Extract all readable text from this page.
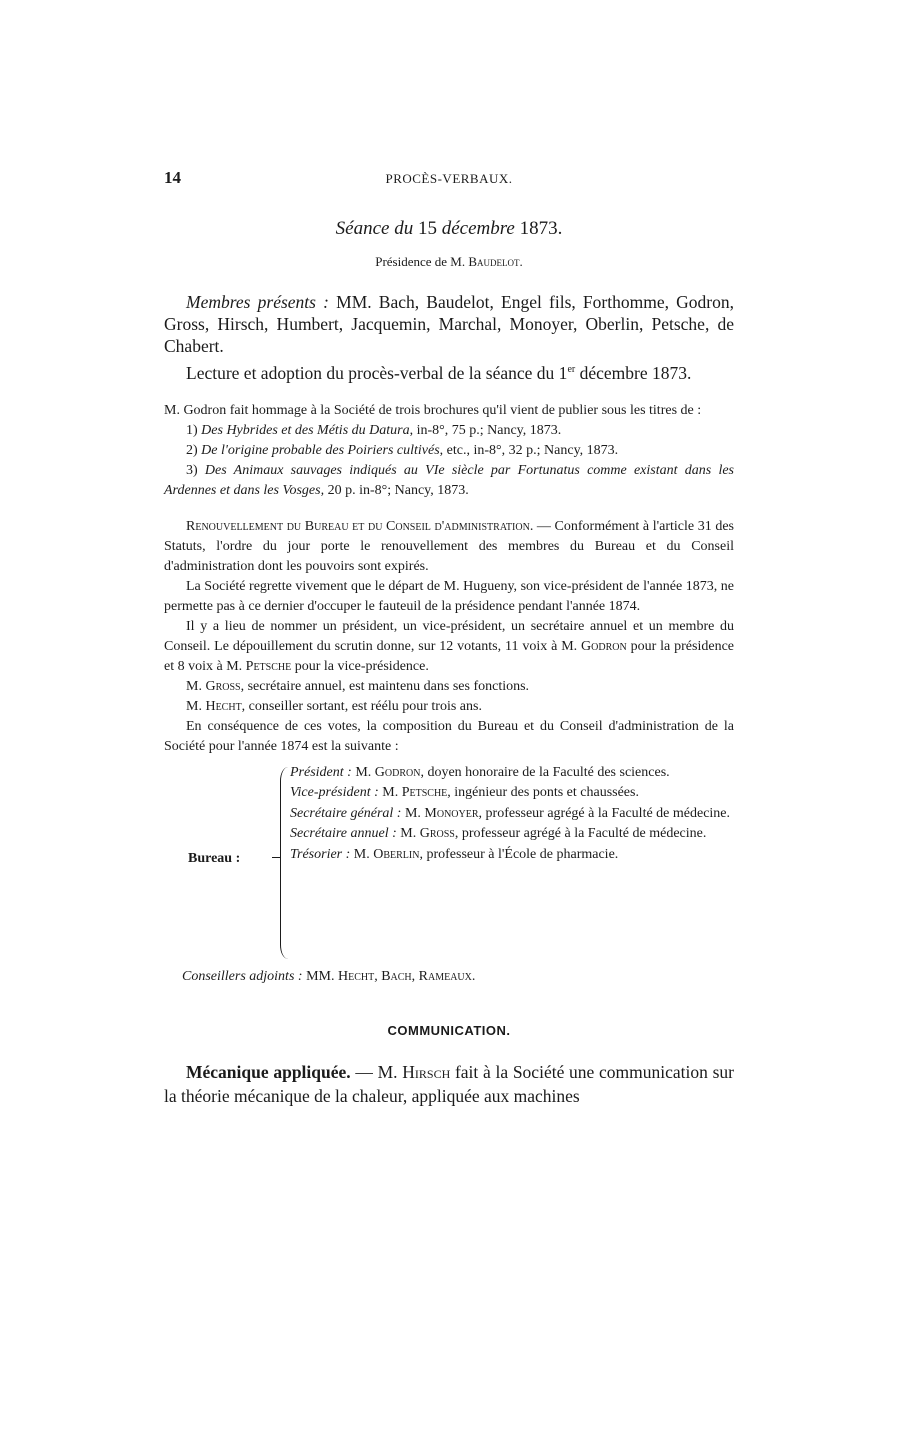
14	PROCÈS-VERBAUX.
Séance du 15 décembre 1873.
Présidence de M. Baudelot.

Membres présents : MM. Bach, Baudelot, Engel fils, Forthomme, Godron, Gross, Hirsch, Humbert, Jacquemin, Marchal, Monoyer, Oberlin, Petsche, de Chabert.

Lecture et adoption du procès-verbal de la séance du 1er décembre 1873.

M. Godron fait hommage à la Société de trois brochures qu'il vient de publier sous les titres de :

1) Des Hybrides et des Métis du Datura, in-8°, 75 p.; Nancy, 1873.

2) De l'origine probable des Poiriers cultivés, etc., in-8°, 32 p.; Nancy, 1873.

3) Des Animaux sauvages indiqués au VIe siècle par Fortunatus comme existant dans les Ardennes et dans les Vosges, 20 p. in-8°; Nancy, 1873.

Renouvellement du Bureau et du Conseil d'administration. — Conformément à l'article 31 des Statuts, l'ordre du jour porte le renouvellement des membres du Bureau et du Conseil d'administration dont les pouvoirs sont expirés.

La Société regrette vivement que le départ de M. Hugueny, son vice-président de l'année 1873, ne permette pas à ce dernier d'occuper le fauteuil de la présidence pendant l'année 1874.

Il y a lieu de nommer un président, un vice-président, un secrétaire annuel et un membre du Conseil. Le dépouillement du scrutin donne, sur 12 votants, 11 voix à M. Godron pour la présidence et 8 voix à M. Petsche pour la vice-présidence.

M. Gross, secrétaire annuel, est maintenu dans ses fonctions.

M. Hecht, conseiller sortant, est réélu pour trois ans.

En conséquence de ces votes, la composition du Bureau et du Conseil d'administration de la Société pour l'année 1874 est la suivante :

Bureau :
Président : M. Godron, doyen honoraire de la Faculté des sciences.
Vice-président : M. Petsche, ingénieur des ponts et chaussées.
Secrétaire général : M. Monoyer, professeur agrégé à la Faculté de médecine.
Secrétaire annuel : M. Gross, professeur agrégé à la Faculté de médecine.
Trésorier : M. Oberlin, professeur à l'École de pharmacie.
Conseillers adjoints : MM. Hecht, Bach, Rameaux.
COMMUNICATION.

Mécanique appliquée. — M. Hirsch fait à la Société une communication sur la théorie mécanique de la chaleur, appliquée aux machines
